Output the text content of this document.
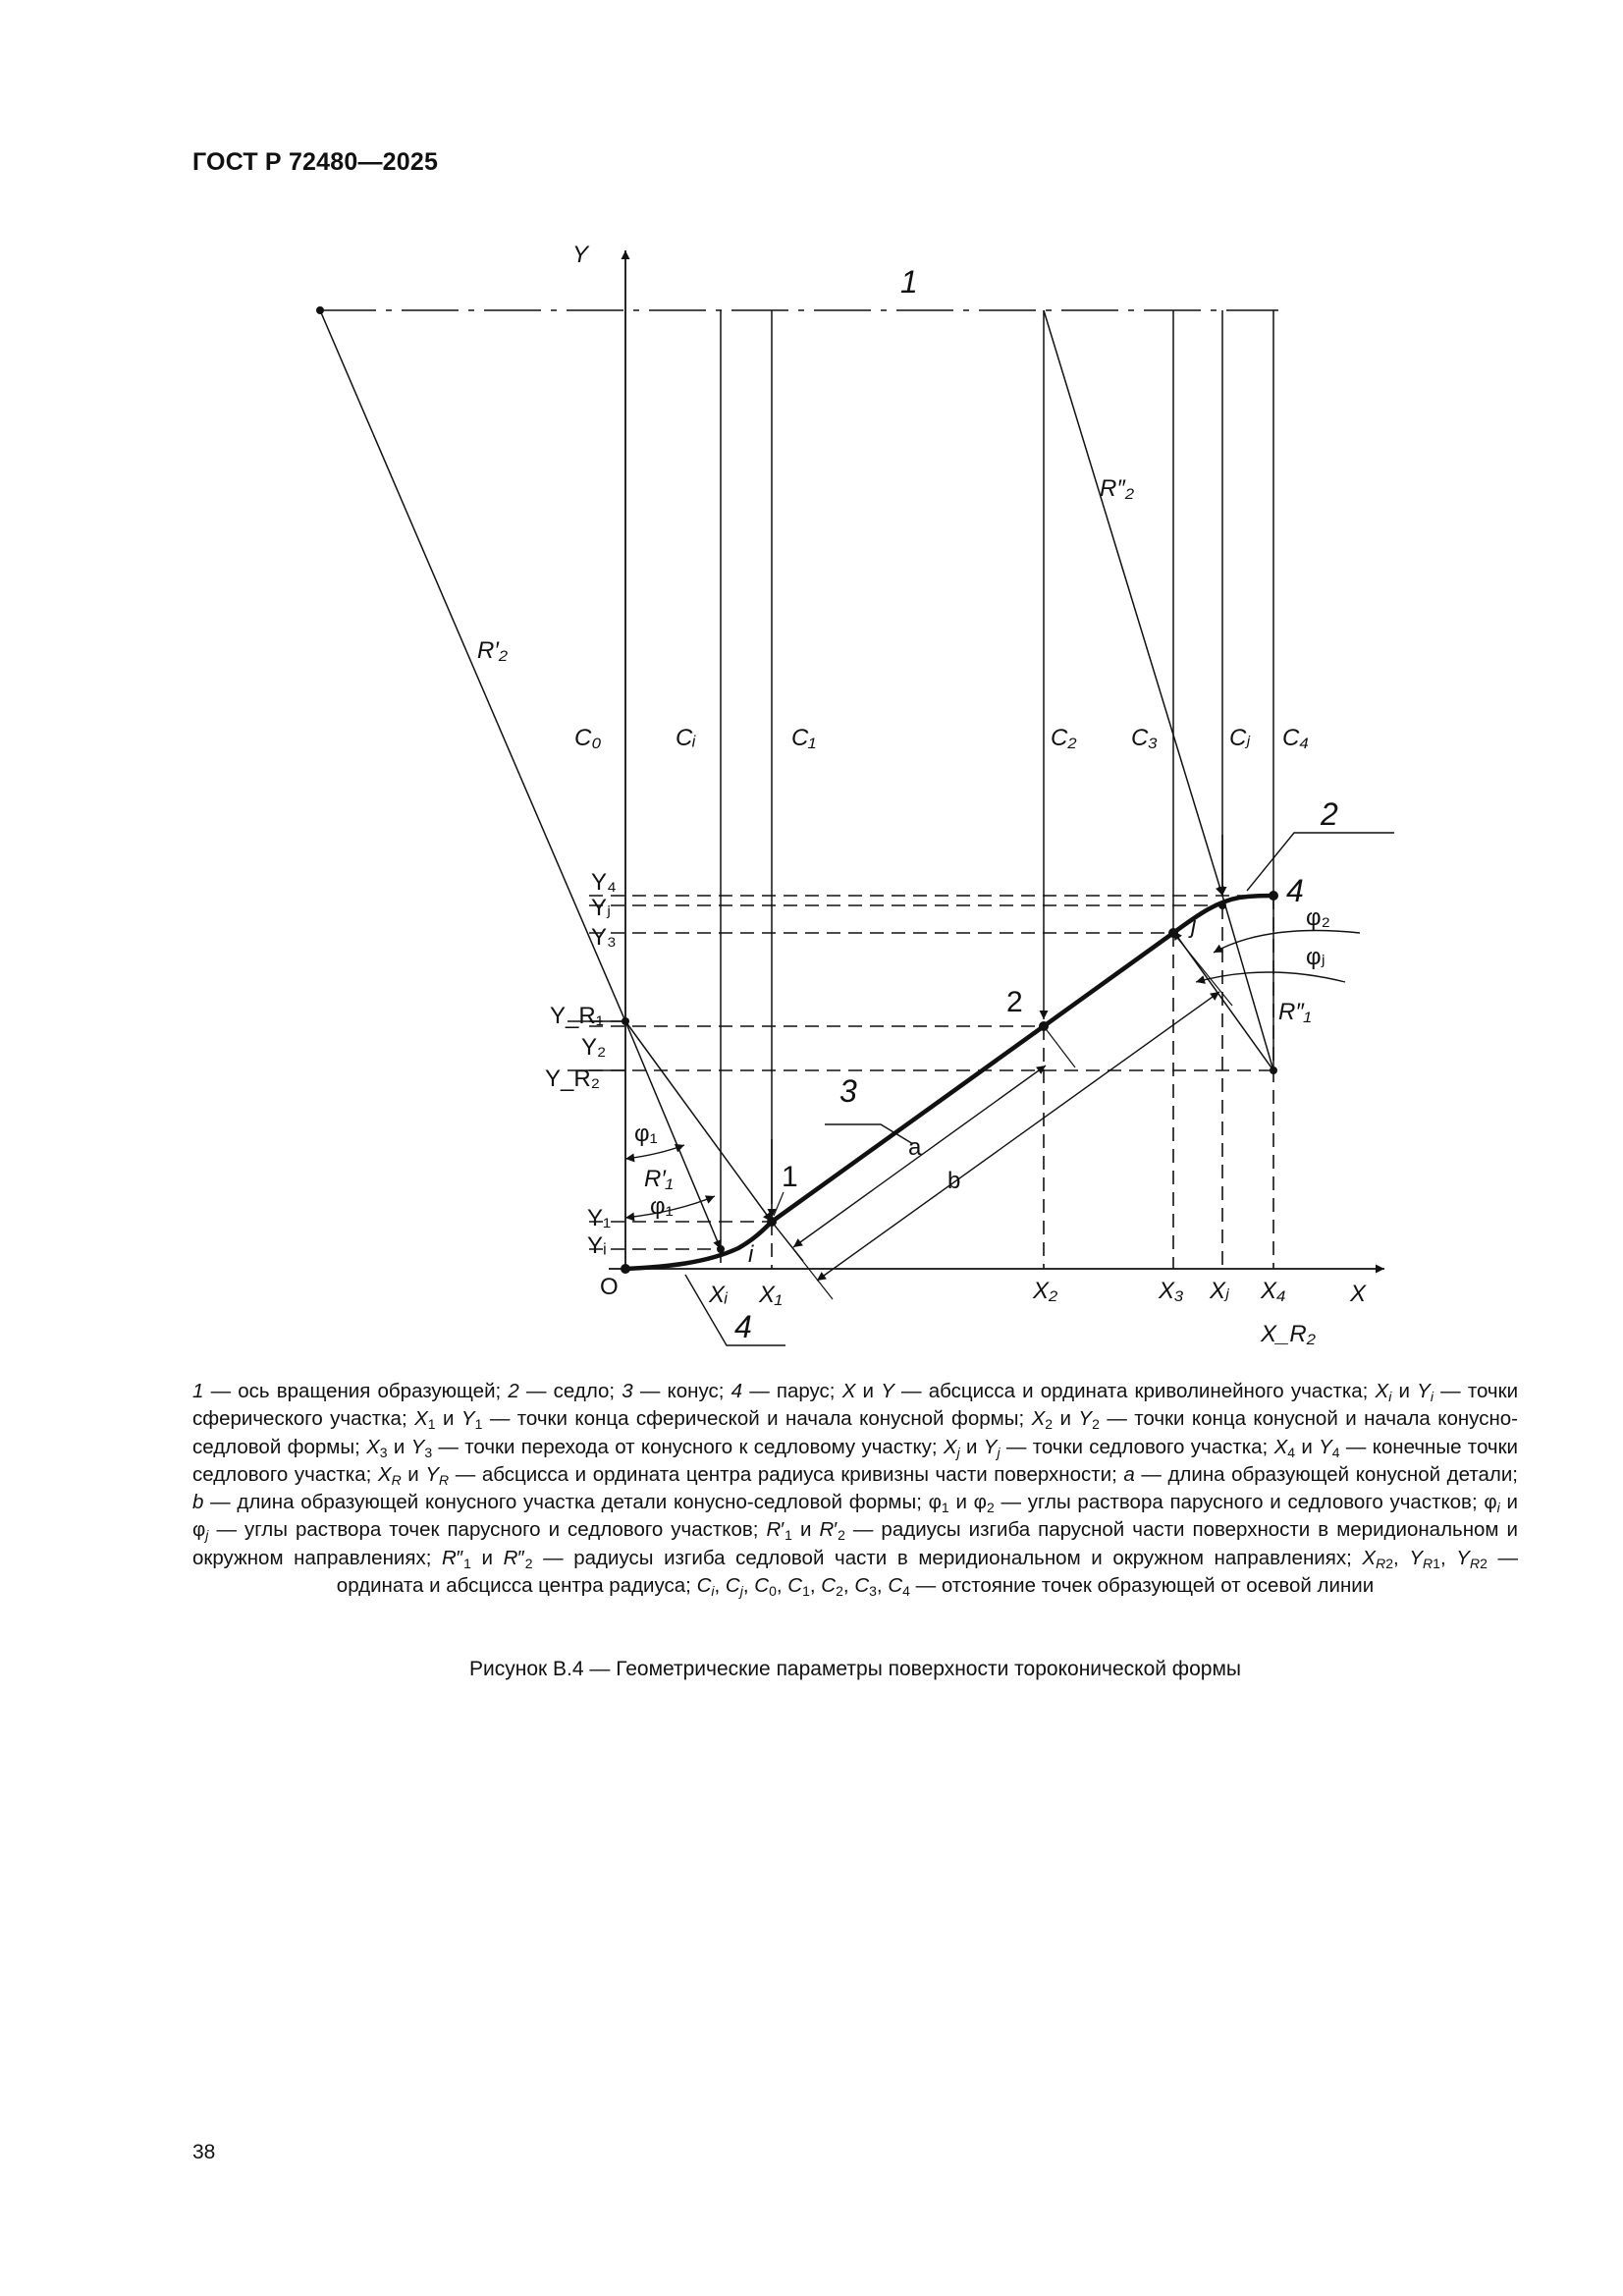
ГОСТ Р 72480—2025
Y
X
O
1
R″₂
R′₂
C₀	Cᵢ	C₁	C₂ C₃	Cⱼ C₄
2
4
φ₂
j
φⱼ
R″₁
2
Y₄
Yⱼ
Y₃
Y_R₁
Y₂
Y_R₂
φ₁
R′₁
φ₁
Y₁
Yᵢ
3
a
b
1
i
Xᵢ X₁	X₂	X₃ Xⱼ X₄
X_R₂
4
1 — ось вращения образующей; 2 — седло; 3 — конус; 4 — парус; X и Y — абсцисса и ордината криволинейного участка; $X_i$ и $Y_i$ — точки сферического участка; $X_1$ и $Y_1$ — точки конца сферической и начала конусной формы; $X_2$ и $Y_2$ — точки конца конусной и начала конусно-седловой формы; $X_3$ и $Y_3$ — точки перехода от конусного к седловому участку; $X_j$ и $Y_j$ — точки седлового участка; $X_4$ и $Y_4$ — конечные точки седлового участка; $X_R$ и $Y_R$ — абсцисса и ордината центра радиуса кривизны части поверхности; a — длина образующей конусной детали; b — длина образующей конусного участка детали конусно-седловой формы; $\varphi_1$ и $\varphi_2$ — углы раствора парусного и седлового участков; $\varphi_i$ и $\varphi_j$ — углы раствора точек парусного и седлового участков; $R'_1$ и $R'_2$ — радиусы изгиба парусной части поверхности в меридиональном и окружном направлениях; $R''_1$ и $R''_2$ — радиусы изгиба седловой части в меридиональном и окружном направлениях; $X_{R2}$, $Y_{R1}$, $Y_{R2}$ — ордината и абсцисса центра радиуса; $C_i$, $C_j$, $C_0$, $C_1$, $C_2$, $C_3$, $C_4$ — отстояние точек образующей от осевой линии
Рисунок В.4 — Геометрические параметры поверхности тороконической формы
38
